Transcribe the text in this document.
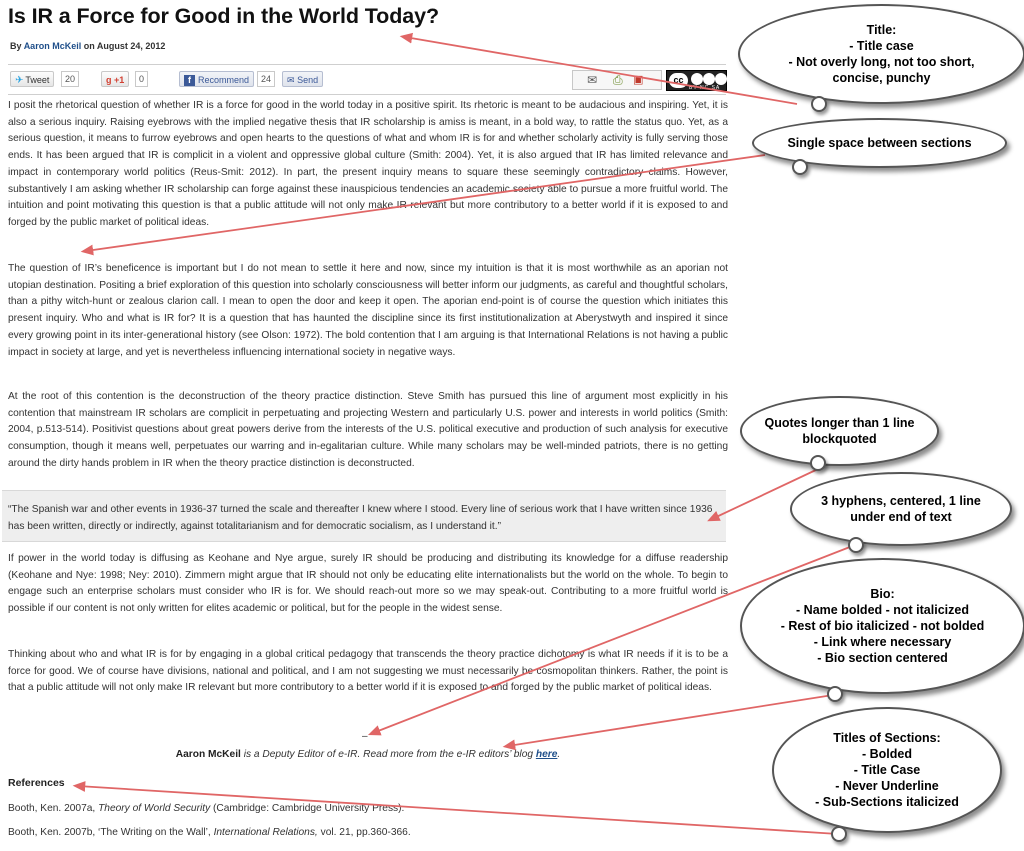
Is IR a Force for Good in the World Today?
By Aaron McKeil on August 24, 2012
✈ Tweet	20	g +1	0	f Recommend	24	✉ Send	✉ ⎙ ▣	cc
BY NC SA

I posit the rhetorical question of whether IR is a force for good in the world today in a positive spirit. Its rhetoric is meant to be audacious and inspiring. Yet, it is also a serious inquiry. Raising eyebrows with the implied negative thesis that IR scholarship is amiss is meant, in a bold way, to rattle the status quo. Yet, as a serious question, it means to furrow eyebrows and open hearts to the questions of what and whom IR is for and whether scholarly activity is fully serving those ends. It has been argued that IR is complicit in a violent and oppressive global culture (Smith: 2004). Yet, it is also argued that IR has limited relevance and impact in contemporary world politics (Reus-Smit: 2012). In part, the present inquiry means to square these seemingly contradictory claims. However, substantively I am asking whether IR scholarship can forge against these inauspicious tendencies an academic society able to pursue a more fruitful world. The intuition and point motivating this question is that a public attitude will not only make IR relevant but more contributory to a better world if it is exposed to and forged by the public market of political ideas.

The question of IR’s beneficence is important but I do not mean to settle it here and now, since my intuition is that it is most worthwhile as an aporian not utopian destination. Positing a brief exploration of this question into scholarly consciousness will better inform our judgments, as careful and thoughtful scholars, than a pithy witch-hunt or zealous clarion call. I mean to open the door and keep it open. The aporian end-point is of course the question which initiates this present inquiry. Who and what is IR for? It is a question that has haunted the discipline since its first institutionalization at Aberystwyth and inspired it since every growing point in its inter-generational history (see Olson: 1972). The bold contention that I am arguing is that International Relations is not having a public impact in society at large, and yet is nevertheless influencing international society in negative ways.

At the root of this contention is the deconstruction of the theory practice distinction. Steve Smith has pursued this line of argument most explicitly in his contention that mainstream IR scholars are complicit in perpetuating and projecting Western and particularly U.S. power and interests in world politics (Smith: 2004, p.513-514). Positivist questions about great powers derive from the interests of the U.S. political executive and production of such analysis for executive consumption, though it means well, perpetuates our warring and in-egalitarian culture. While many scholars may be well-minded patriots, there is no getting around the dirty hands problem in IR when the theory practice distinction is deconstructed.

“The Spanish war and other events in 1936-37 turned the scale and thereafter I knew where I stood. Every line of serious work that I have written since 1936 has been written, directly or indirectly, against totalitarianism and for democratic socialism, as I understand it.”

If power in the world today is diffusing as Keohane and Nye argue, surely IR should be producing and distributing its knowledge for a diffuse readership (Keohane and Nye: 1998; Ney: 2010). Zimmern might argue that IR should not only be educating elite internationalists but the world on the whole. To begin to engage such an enterprise scholars must consider who IR is for. We should reach-out more so we may speak-out. Contributing to a more fruitful world is possible if our content is not only written for elites academic or political, but for the people in the widest sense.

Thinking about who and what IR is for by engaging in a global critical pedagogy that transcends the theory practice dichotomy is what IR needs if it is to be a force for good. We of course have divisions, national and political, and I am not suggesting we must necessarily be cosmopolitan thinkers. Rather, the point is that a public attitude will not only make IR relevant but more contributory to a better world if it is exposed to and forged by the public market of political ideas.

–
Aaron McKeil is a Deputy Editor of e-IR. Read more from the e-IR editors’ blog here.
References
Booth, Ken. 2007a, Theory of World Security (Cambridge: Cambridge University Press).
Booth, Ken. 2007b, ‘The Writing on the Wall’, International Relations, vol. 21, pp.360-366.
Title:
- Title case
- Not overly long, not too short,
concise, punchy
Single space between sections
Quotes longer than 1 line
blockquoted
3 hyphens, centered, 1 line
under end of text
Bio:
- Name bolded - not italicized
- Rest of bio italicized - not bolded
- Link where necessary
- Bio section centered
Titles of Sections:
- Bolded
- Title Case
- Never Underline
- Sub-Sections italicized
